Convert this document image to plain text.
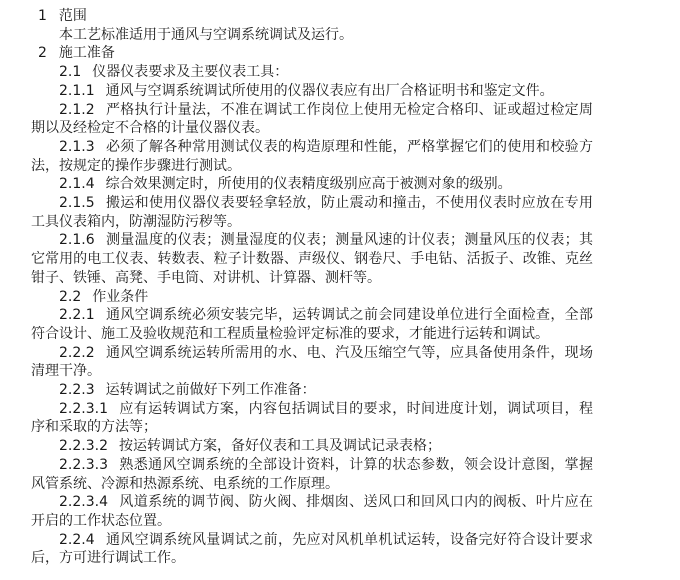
1 范围

本工艺标准适用于通风与空调系统调试及运行。

2 施工准备

2.1 仪器仪表要求及主要仪表工具：

2.1.1 通风与空调系统调试所使用的仪器仪表应有出厂合格证明书和鉴定文件。

2.1.2 严格执行计量法，不准在调试工作岗位上使用无检定合格印、证或超过检定周期以及经检定不合格的计量仪器仪表。

2.1.3 必须了解各种常用测试仪表的构造原理和性能，严格掌握它们的使用和校验方法，按规定的操作步骤进行测试。

2.1.4 综合效果测定时，所使用的仪表精度级别应高于被测对象的级别。

2.1.5 搬运和使用仪器仪表要轻拿轻放，防止震动和撞击，不使用仪表时应放在专用工具仪表箱内，防潮湿防污秽等。

2.1.6 测量温度的仪表；测量湿度的仪表；测量风速的计仪表；测量风压的仪表；其它常用的电工仪表、转数表、粒子计数器、声级仪、钢卷尺、手电钻、活扳子、改锥、克丝钳子、铁锤、高凳、手电筒、对讲机、计算器、测杆等。

2.2 作业条件

2.2.1 通风空调系统必须安装完毕，运转调试之前会同建设单位进行全面检查，全部符合设计、施工及验收规范和工程质量检验评定标准的要求，才能进行运转和调试。

2.2.2 通风空调系统运转所需用的水、电、汽及压缩空气等，应具备使用条件，现场清理干净。

2.2.3 运转调试之前做好下列工作准备：

2.2.3.1 应有运转调试方案，内容包括调试目的要求，时间进度计划，调试项目，程序和采取的方法等；

2.2.3.2 按运转调试方案，备好仪表和工具及调试记录表格；

2.2.3.3 熟悉通风空调系统的全部设计资料，计算的状态参数，领会设计意图，掌握风管系统、冷源和热源系统、电系统的工作原理。

2.2.3.4 风道系统的调节阀、防火阀、排烟囱、送风口和回风口内的阀板、叶片应在开启的工作状态位置。

2.2.4 通风空调系统风量调试之前，先应对风机单机试运转，设备完好符合设计要求后，方可进行调试工作。
